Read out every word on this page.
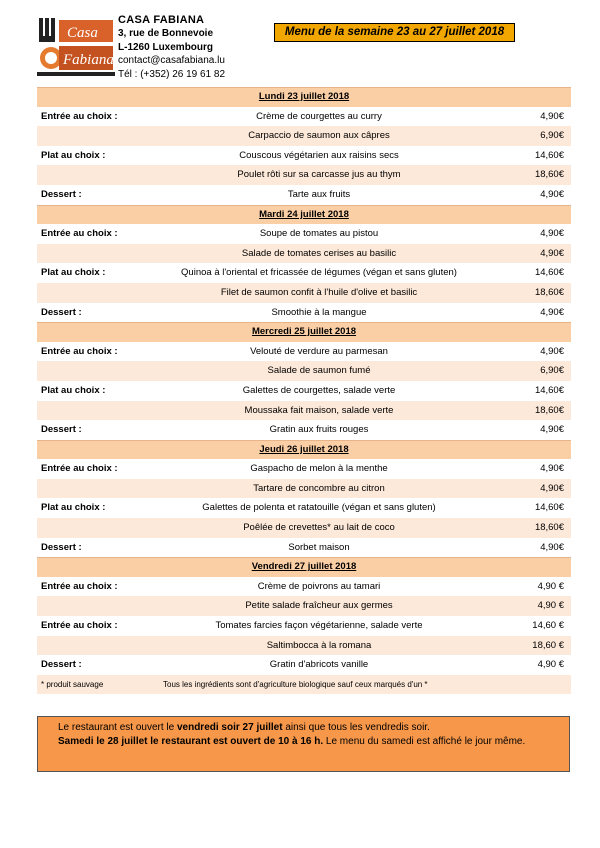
Casa
Fabiana
CASA FABIANA
3, rue de Bonnevoie
L-1260 Luxembourg
contact@casafabiana.lu
Tél : (+352) 26 19 61 82
Menu de la semaine 23 au 27 juillet 2018
Lundi 23 juillet 2018
Entrée au choix :	Crème de courgettes au curry	4,90€
Carpaccio de saumon aux câpres	6,90€
Plat au choix :	Couscous végétarien aux raisins secs	14,60€
Poulet rôti sur sa carcasse jus au thym	18,60€
Dessert :	Tarte aux fruits	4,90€
Mardi 24 juillet 2018
Entrée au choix :	Soupe de tomates au pistou	4,90€
Salade de tomates cerises au basilic	4,90€
Plat au choix :	Quinoa à l'oriental et fricassée de légumes (végan et sans gluten)	14,60€
Filet de saumon confit à l'huile d'olive et basilic	18,60€
Dessert :	Smoothie à la mangue	4,90€
Mercredi 25 juillet 2018
Entrée au choix :	Velouté de verdure au parmesan	4,90€
Salade de saumon fumé	6,90€
Plat au choix :	Galettes de courgettes, salade verte	14,60€
Moussaka fait maison, salade verte	18,60€
Dessert :	Gratin aux fruits rouges	4,90€
Jeudi 26 juillet 2018
Entrée au choix :	Gaspacho de melon à la menthe	4,90€
Tartare de concombre au citron	4,90€
Plat au choix :	Galettes de polenta et ratatouille (végan et sans gluten)	14,60€
Poêlée de crevettes* au lait de coco	18,60€
Dessert :	Sorbet maison	4,90€
Vendredi 27 juillet 2018
Entrée au choix :	Crème de poivrons au tamari	4,90 €
Petite salade fraîcheur aux germes	4,90 €
Entrée au choix :	Tomates farcies façon végétarienne, salade verte	14,60 €
Saltimbocca à la romana	18,60 €
Dessert :	Gratin d'abricots vanille	4,90 €
* produit sauvage	Tous les ingrédients sont d'agriculture biologique sauf ceux marqués d'un *
Le restaurant est ouvert le vendredi soir 27 juillet ainsi que tous les vendredis soir.
Samedi le 28 juillet le restaurant est ouvert de 10 à 16 h. Le menu du samedi est affiché le jour même.
